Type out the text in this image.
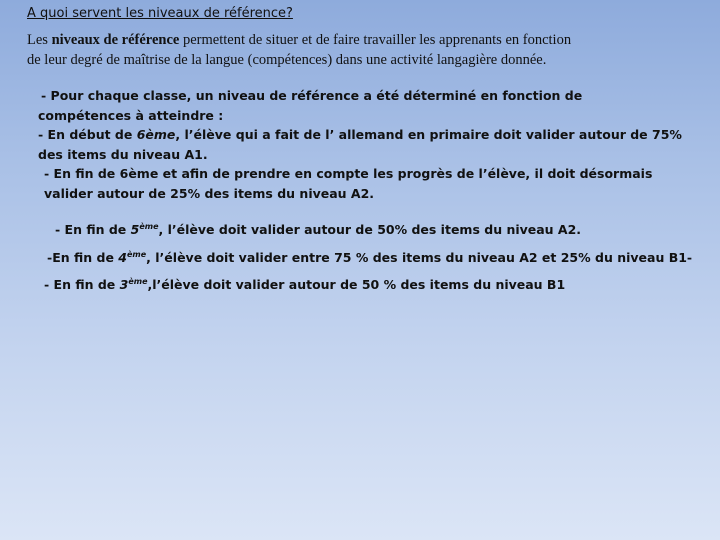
A quoi servent les niveaux de référence?

Les niveaux de référence permettent de situer et de faire travailler les apprenants en fonction
de leur degré de maîtrise de la langue (compétences) dans une activité langagière donnée.

- Pour chaque classe, un niveau de référence a été déterminé en fonction de
compétences à atteindre :
- En début de 6ème, l’élève qui a fait de l’ allemand en primaire doit valider autour de 75%
des items du niveau A1.
- En fin de 6ème et afin de prendre en compte les progrès de l’élève, il doit désormais
valider autour de 25% des items du niveau A2.
- En fin de 5ème, l’élève doit valider autour de 50% des items du niveau A2.
-En fin de 4ème, l’élève doit valider entre 75 % des items du niveau A2 et 25% du niveau B1-
- En fin de 3ème,l’élève doit valider autour de 50 % des items du niveau B1
